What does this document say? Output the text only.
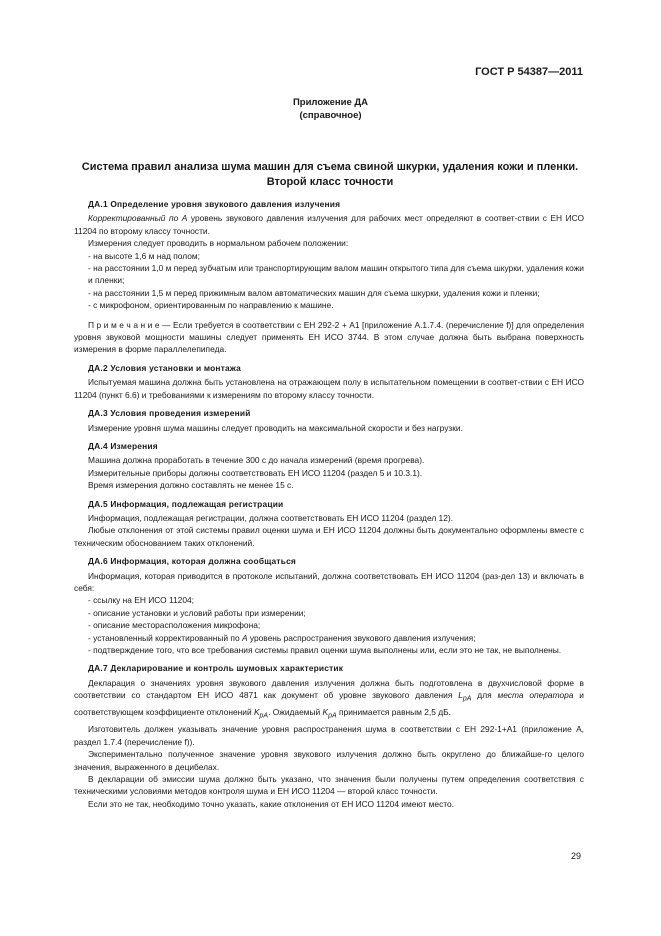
ГОСТ Р 54387—2011
Приложение ДА
(справочное)
Система правил анализа шума машин для съема свиной шкурки, удаления кожи и пленки.
Второй класс точности
ДА.1 Определение уровня звукового давления излучения

Корректированный по А уровень звукового давления излучения для рабочих мест определяют в соответ-ствии с ЕН ИСО 11204 по второму классу точности.

Измерения следует проводить в нормальном рабочем положении:

- на высоте 1,6 м над полом;
- на расстоянии 1,0 м перед зубчатым или транспортирующим валом машин открытого типа для съема шкурки, удаления кожи и пленки;
- на расстоянии 1,5 м перед прижимным валом автоматических машин для съема шкурки, удаления кожи и пленки;
- с микрофоном, ориентированным по направлению к машине.

П р и м е ч а н и е — Если требуется в соответствии с ЕН 292-2 + А1 [приложение А.1.7.4. (перечисление f)] для определения уровня звуковой мощности машины следует применять ЕН ИСО 3744. В этом случае должна быть выбрана поверхность измерения в форме параллелепипеда.

ДА.2 Условия установки и монтажа

Испытуемая машина должна быть установлена на отражающем полу в испытательном помещении в соответ-ствии с ЕН ИСО 11204 (пункт 6.6) и требованиями к измерениям по второму классу точности.

ДА.3 Условия проведения измерений

Измерение уровня шума машины следует проводить на максимальной скорости и без нагрузки.

ДА.4 Измерения

Машина должна проработать в течение 300 с до начала измерений (время прогрева).

Измерительные приборы должны соответствовать ЕН ИСО 11204 (раздел 5 и 10.3.1).

Время измерения должно составлять не менее 15 с.

ДА.5 Информация, подлежащая регистрации

Информация, подлежащая регистрации, должна соответствовать ЕН ИСО 11204 (раздел 12).

Любые отклонения от этой системы правил оценки шума и ЕН ИСО 11204 должны быть документально оформлены вместе с техническим обоснованием таких отклонений.

ДА.6 Информация, которая должна сообщаться

Информация, которая приводится в протоколе испытаний, должна соответствовать ЕН ИСО 11204 (раз-дел 13) и включать в себя:

- ссылку на ЕН ИСО 11204;
- описание установки и условий работы при измерении;
- описание месторасположения микрофона;
- установленный корректированный по А уровень распространения звукового давления излучения;
- подтверждение того, что все требования системы правил оценки шума выполнены или, если это не так, не выполнены.
ДА.7 Декларирование и контроль шумовых характеристик

Декларация о значениях уровня звукового давления излучения должна быть подготовлена в двухчисловой форме в соответствии со стандартом ЕН ИСО 4871 как документ об уровне звукового давления $L_{pA}$ для места оператора и соответствующем коэффициенте отклонений $K_{pA}$. Ожидаемый $K_{pA}$ принимается равным 2,5 дБ.

Изготовитель должен указывать значение уровня распространения шума в соответствии с ЕН 292-1+А1 (приложение А, раздел 1.7.4 (перечисление f)).

Экспериментально полученное значение уровня звукового излучения должно быть округлено до ближайше-го целого значения, выраженного в децибелах.

В декларации об эмиссии шума должно быть указано, что значения были получены путем определения соответствия с техническими условиями методов контроля шума и ЕН ИСО 11204 — второй класс точности.

Если это не так, необходимо точно указать, какие отклонения от ЕН ИСО 11204 имеют место.

29
